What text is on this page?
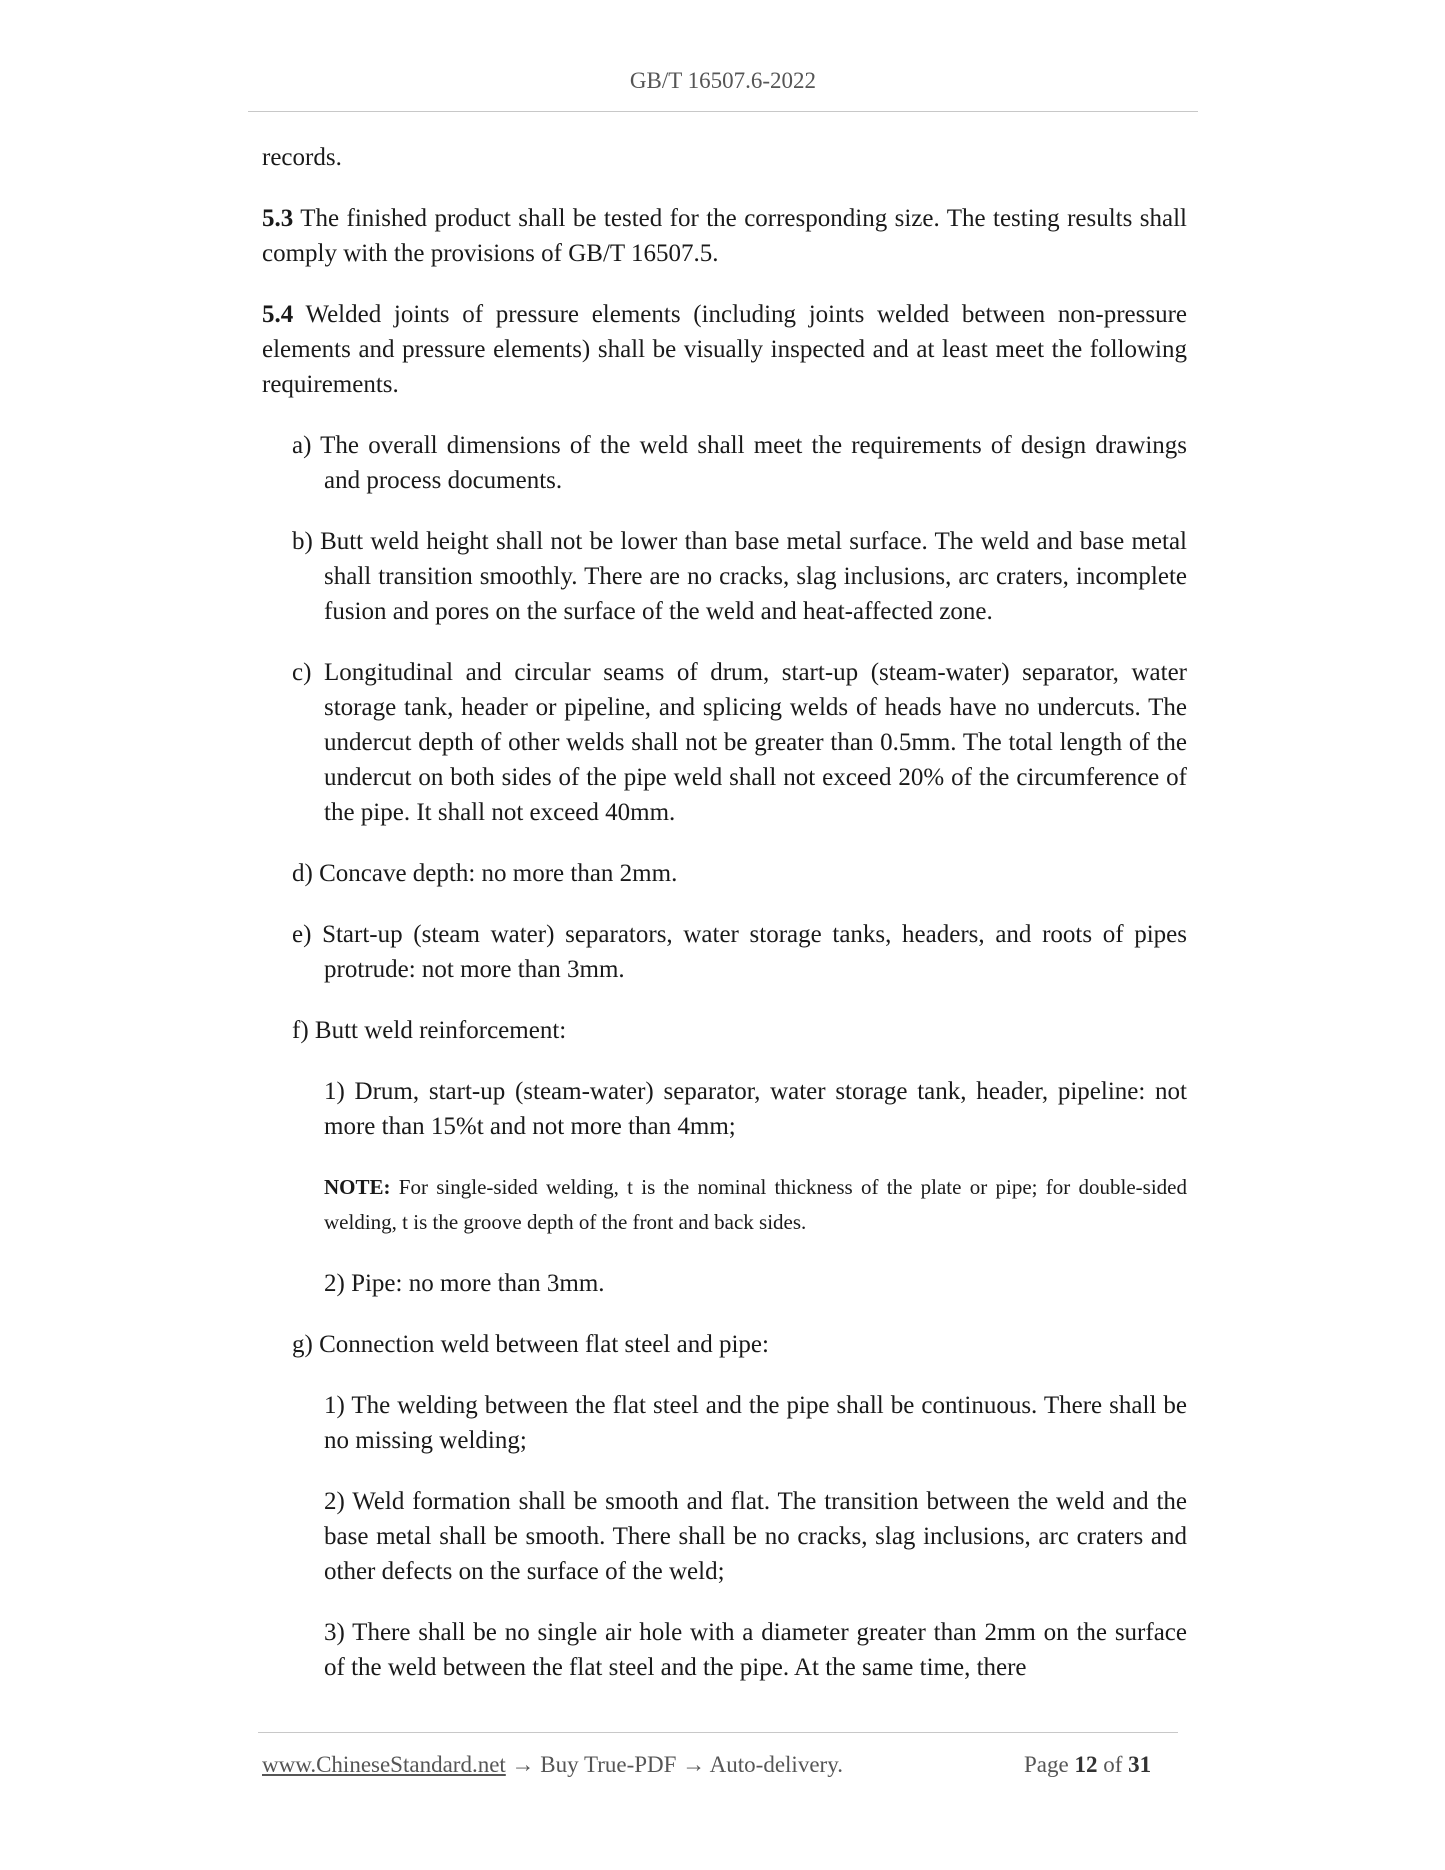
GB/T 16507.6-2022

records.

5.3 The finished product shall be tested for the corresponding size. The testing results shall comply with the provisions of GB/T 16507.5.

5.4 Welded joints of pressure elements (including joints welded between non-pressure elements and pressure elements) shall be visually inspected and at least meet the following requirements.

a) The overall dimensions of the weld shall meet the requirements of design drawings and process documents.

b) Butt weld height shall not be lower than base metal surface. The weld and base metal shall transition smoothly. There are no cracks, slag inclusions, arc craters, incomplete fusion and pores on the surface of the weld and heat-affected zone.

c) Longitudinal and circular seams of drum, start-up (steam-water) separator, water storage tank, header or pipeline, and splicing welds of heads have no undercuts. The undercut depth of other welds shall not be greater than 0.5mm. The total length of the undercut on both sides of the pipe weld shall not exceed 20% of the circumference of the pipe. It shall not exceed 40mm.

d) Concave depth: no more than 2mm.

e) Start-up (steam water) separators, water storage tanks, headers, and roots of pipes protrude: not more than 3mm.

f) Butt weld reinforcement:

1) Drum, start-up (steam-water) separator, water storage tank, header, pipeline: not more than 15%t and not more than 4mm;

NOTE: For single-sided welding, t is the nominal thickness of the plate or pipe; for double-sided welding, t is the groove depth of the front and back sides.

2) Pipe: no more than 3mm.

g) Connection weld between flat steel and pipe:

1) The welding between the flat steel and the pipe shall be continuous. There shall be no missing welding;

2) Weld formation shall be smooth and flat. The transition between the weld and the base metal shall be smooth. There shall be no cracks, slag inclusions, arc craters and other defects on the surface of the weld;

3) There shall be no single air hole with a diameter greater than 2mm on the surface of the weld between the flat steel and the pipe. At the same time, there

www.ChineseStandard.net → Buy True-PDF → Auto-delivery.	Page 12 of 31
